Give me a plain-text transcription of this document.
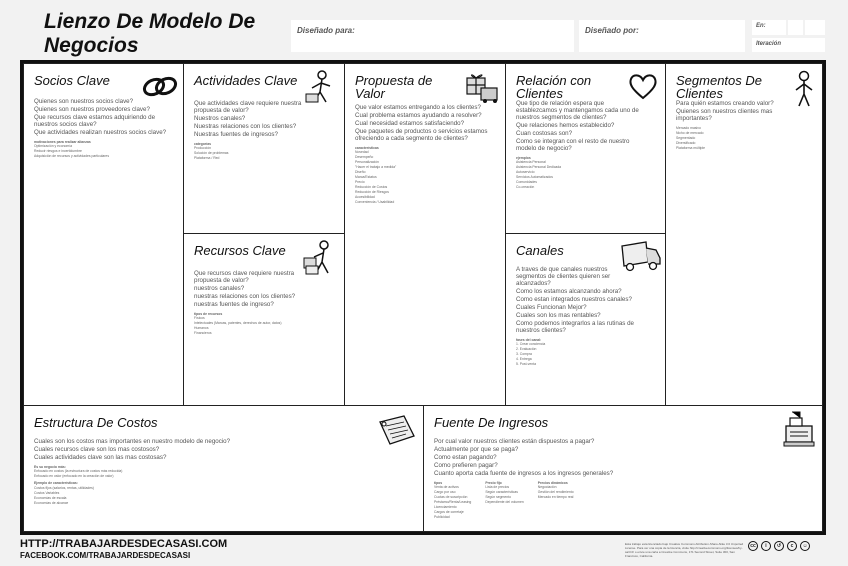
Lienzo De Modelo De
Negocios
Diseñado para:	Diseñado por:	En:
Iteración
Socios Clave
Quienes son nuestros socios clave?
Quienes son nuestros proveedores clave?
Que recursos clave estamos adquiriendo de nuestros socios clave?
Que actividades realizan nuestros socios clave?
motivaciones para realizar alianzas
Optimización y economía
Reducir riesgos e incertidumbre
Adquisición de recursos y actividades particulares
Actividades Clave
Que actividades clave requiere nuestra propuesta de valor?
Nuestros canales?
Nuestras relaciones con los clientes?
Nuestras fuentes de ingresos?
categorías
Producción
Solución de problemas
Plataforma / Red
Recursos Clave
Que recursos clave requiere nuestra propuesta de valor?
nuestros canales?
nuestras relaciones con los clientes?
nuestras fuentes de ingreso?
tipos de recursos
Físicos
Intelectuales (Marcas, patentes, derechos de autor, datos)
Humanos
Financieros
Propuesta de Valor
Que valor estamos entregando a los clientes?
Cual problema estamos ayudando a resolver?
Cual necesidad estamos satisfaciendo?
Que paquetes de productos o servicios estamos ofreciendo a cada segmento de clientes?
características
Novedad
Desempeño
Personalización
"Hacer el trabajo a medida"
Diseño
Marca/Estatus
Precio
Reducción de Costos
Reducción de Riesgos
Accesibilidad
Conveniencia / Usabilidad
Relación con Clientes
Que tipo de relación espera que establezcamos y mantengamos cada uno de nuestros segmentos de clientes?
Que relaciones hemos establecido?
Cuan costosas son?
Como se integran con el resto de nuestro modelo de negocio?
ejemplos
Asistencia Personal
Asistencia Personal Dedicada
Autoservicio
Servicios Automatizados
Comunidades
Co-creación
Canales
A traves de que canales nuestros segmentos de clientes quieren ser alcanzados?
Como los estamos alcanzando ahora?
Como estan integrados nuestros canales?
Cuales Funcionan Mejor?
Cuales son los mas rentables?
Como podemos integrarlos a las rutinas de nuestros clientes?
fases del canal:
1. Crear conciencia
2. Evaluación
3. Compra
4. Entrega
5. Post-venta
Segmentos De Clientes
Para quién estamos creando valor?
Quienes son nuestros clientes mas importantes?
Mercado masivo
Nicho de mercado
Segmentado
Diversificado
Plataforma múltiple
Estructura De Costos
Cuales son los costos mas importantes en nuestro modelo de negocio?
Cuales recursos clave son los mas costosos?
Cuales actividades clave son las mas costosas?
Es su negocio más:
Enfocado en costos (la estructura de costos más reducida)
Enfocado en valor (enfocado en la creación de valor)
Ejemplo de características:
Costos fijos (salarios, rentas, utilidades)
Costos Variables
Economías de escala
Economías de alcance
Fuente De Ingresos
Por cual valor nuestros clientes están dispuestos a pagar?
Actualmente por que se paga?
Como estan pagando?
Como prefieren pagar?
Cuanto aporta cada fuente de ingresos a los ingresos generales?
tipos
Venta de activos
Cargo por uso
Cuotas de suscripción
Préstamo/Renta/Leasing
Licenciamiento
Cargos de corretaje
Publicidad
Precio fijo
Lista de precios
Según características
Según segmento
Dependiente del volumen
Precios dinámicos
Negociación
Gestión del rendimiento
Mercado en tiempo real
HTTP://TRABAJARDESDECASASI.COM
FACEBOOK.COM/TRABAJARDESDECASASI
Esta trabajo esta licenciado bajo Creative Commons Attribution-Share Alike 3.0 Unported License. Para ver una copia de la licencia, visite http://creativecommons.org/licenses/by-sa/3.0/ o envíe una carta a Creative Commons, 171 Second Street, Suite 300, San Francisco, California.
cc	i	↺	c	☺
